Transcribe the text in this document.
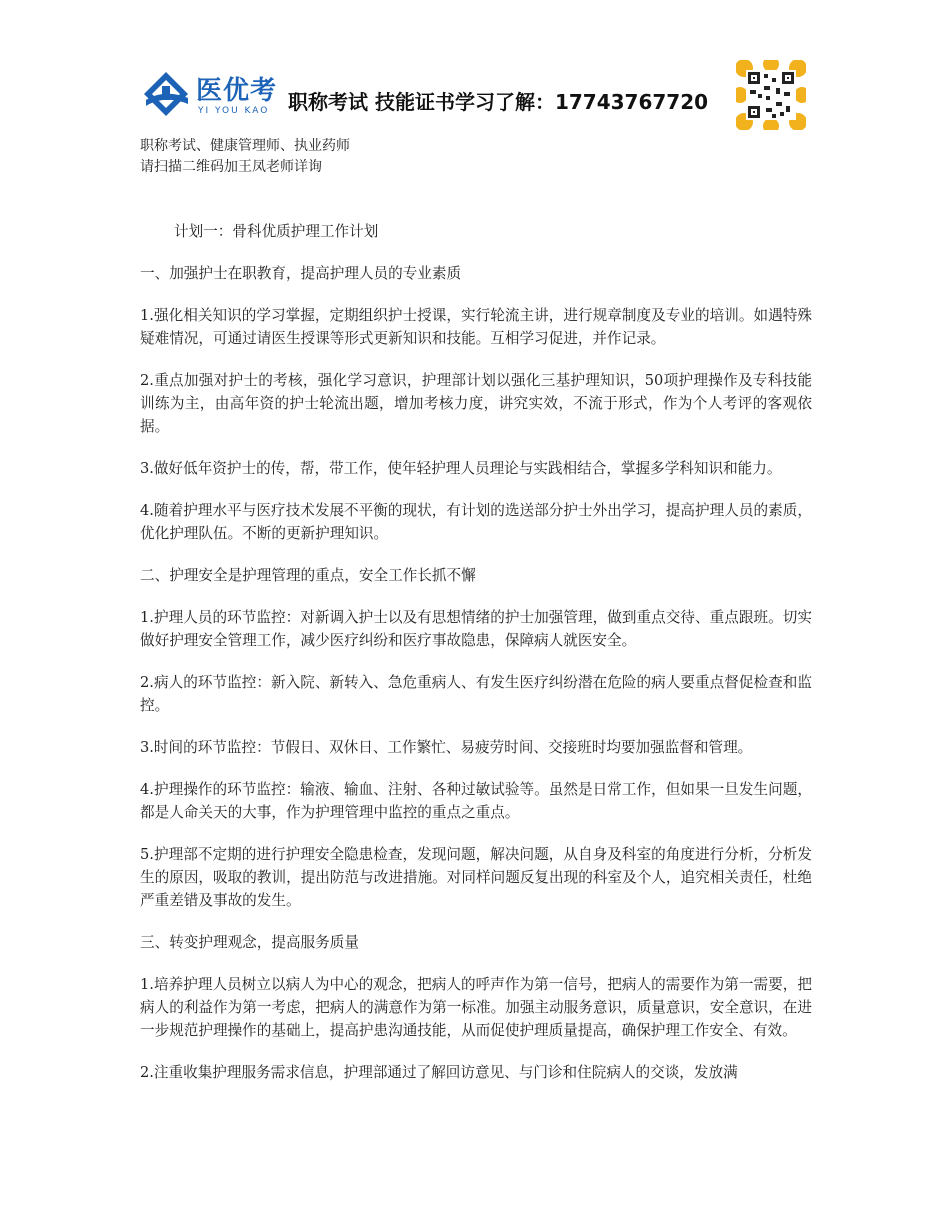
医优考
YI YOU KAO 职称考试 技能证书学习了解：17743767720
职称考试、健康管理师、执业药师
请扫描二维码加王凤老师详询

计划一：骨科优质护理工作计划

一、加强护士在职教育，提高护理人员的专业素质

1.强化相关知识的学习掌握，定期组织护士授课，实行轮流主讲，进行规章制度及专业的培训。如遇特殊疑难情况，可通过请医生授课等形式更新知识和技能。互相学习促进，并作记录。

2.重点加强对护士的考核，强化学习意识，护理部计划以强化三基护理知识，50项护理操作及专科技能训练为主，由高年资的护士轮流出题，增加考核力度，讲究实效，不流于形式，作为个人考评的客观依据。

3.做好低年资护士的传，帮，带工作，使年轻护理人员理论与实践相结合，掌握多学科知识和能力。

4.随着护理水平与医疗技术发展不平衡的现状，有计划的选送部分护士外出学习，提高护理人员的素质，优化护理队伍。不断的更新护理知识。

二、护理安全是护理管理的重点，安全工作长抓不懈

1.护理人员的环节监控：对新调入护士以及有思想情绪的护士加强管理，做到重点交待、重点跟班。切实做好护理安全管理工作，减少医疗纠纷和医疗事故隐患，保障病人就医安全。

2.病人的环节监控：新入院、新转入、急危重病人、有发生医疗纠纷潜在危险的病人要重点督促检查和监控。

3.时间的环节监控：节假日、双休日、工作繁忙、易疲劳时间、交接班时均要加强监督和管理。

4.护理操作的环节监控：输液、输血、注射、各种过敏试验等。虽然是日常工作，但如果一旦发生问题，都是人命关天的大事，作为护理管理中监控的重点之重点。

5.护理部不定期的进行护理安全隐患检查，发现问题，解决问题，从自身及科室的角度进行分析，分析发生的原因，吸取的教训，提出防范与改进措施。对同样问题反复出现的科室及个人，追究相关责任，杜绝严重差错及事故的发生。

三、转变护理观念，提高服务质量

1.培养护理人员树立以病人为中心的观念，把病人的呼声作为第一信号，把病人的需要作为第一需要，把病人的利益作为第一考虑，把病人的满意作为第一标准。加强主动服务意识，质量意识，安全意识，在进一步规范护理操作的基础上，提高护患沟通技能，从而促使护理质量提高，确保护理工作安全、有效。

2.注重收集护理服务需求信息，护理部通过了解回访意见、与门诊和住院病人的交谈，发放满
